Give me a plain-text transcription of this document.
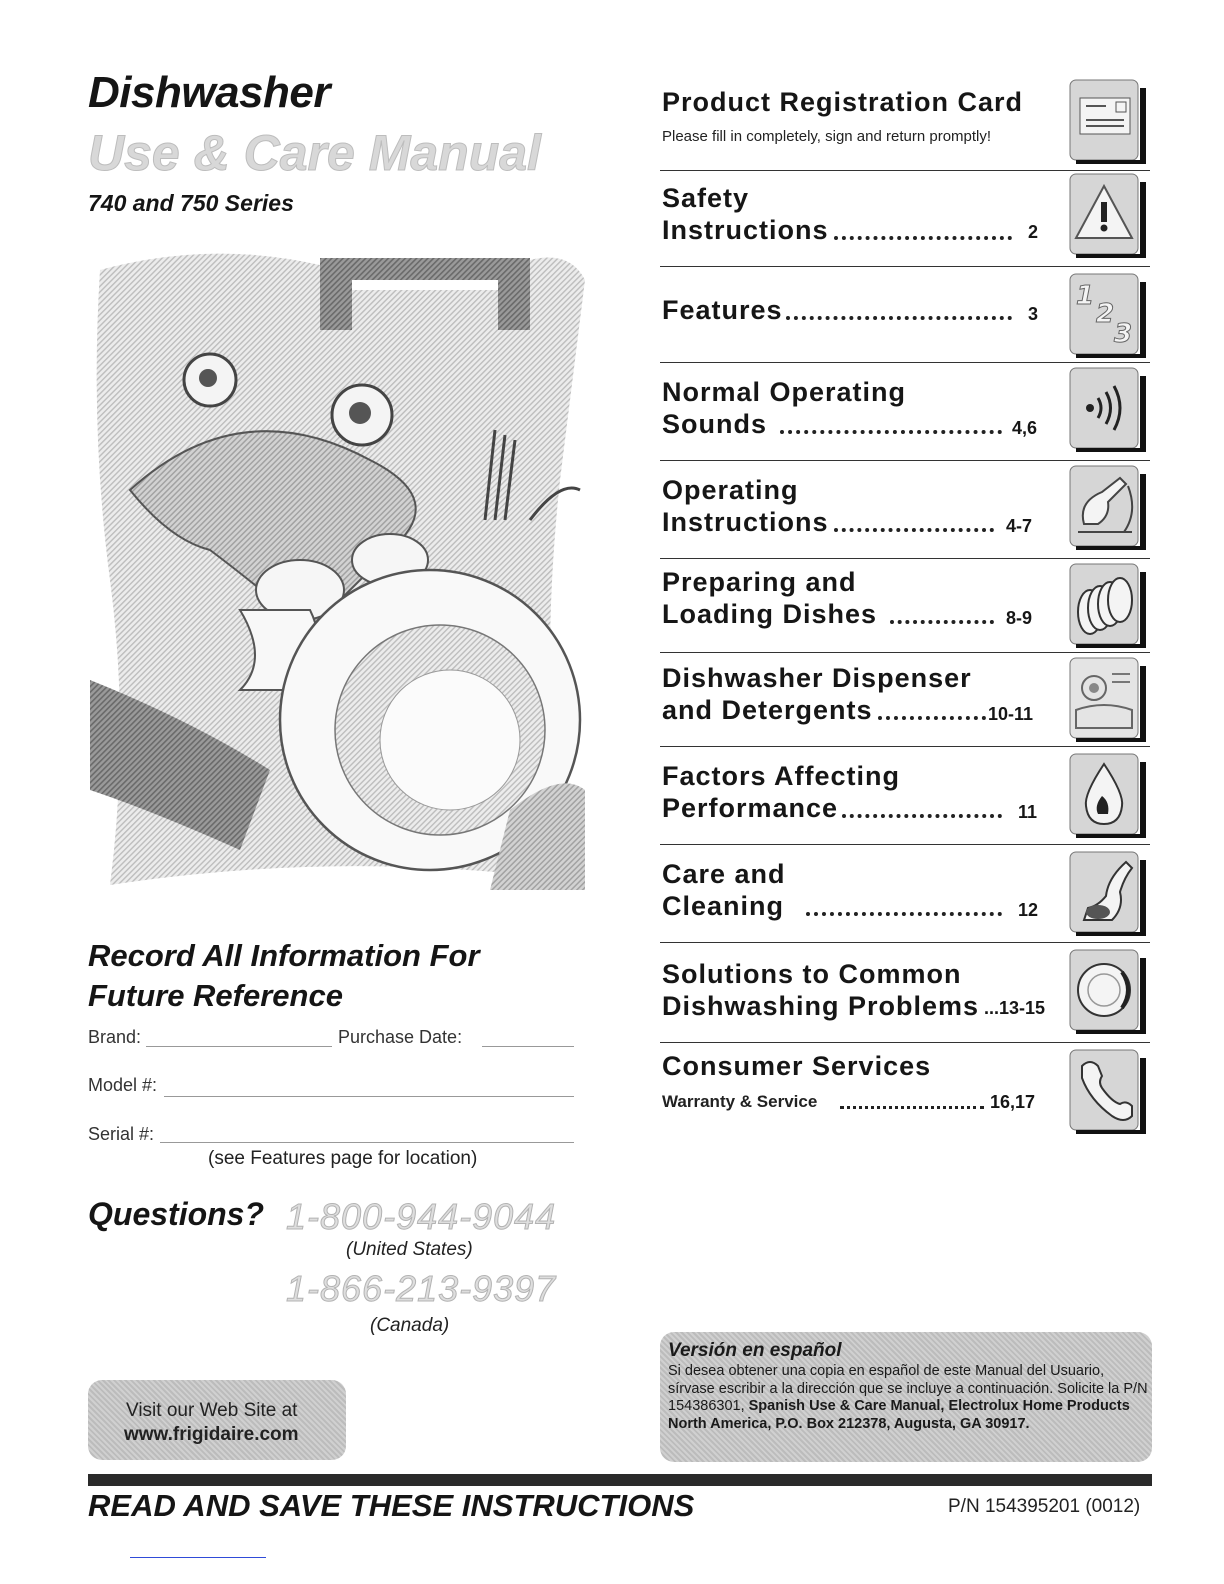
Dishwasher
Use & Care Manual
740 and 750 Series
Record All Information For
Future Reference
Brand:	Purchase Date:
Model #:
Serial #:
(see Features page for location)
Questions? 1-800-944-9044
(United States)
1-866-213-9397
(Canada)
Visit our Web Site at
www.frigidaire.com
Product Registration Card
Please fill in completely, sign and return promptly!
Safety
Instructions	2
Features	3
1
2
3
Normal Operating
Sounds	4,6
Operating
Instructions	4-7
Preparing and
Loading Dishes	8-9
Dishwasher Dispenser
and Detergents	10-11
Factors Affecting
Performance	11
Care and
Cleaning	12
Solutions to Common
Dishwashing Problems ...13-15
Consumer Services
Warranty & Service	16,17
Versión en español
Si desea obtener una copia en español de este Manual del Usuario, sírvase escribir a la dirección que se incluye a continuación. Solicite la P/N 154386301, Spanish Use & Care Manual, Electrolux Home Products North America, P.O. Box 212378, Augusta, GA 30917.
READ AND SAVE THESE INSTRUCTIONS	P/N 154395201 (0012)
